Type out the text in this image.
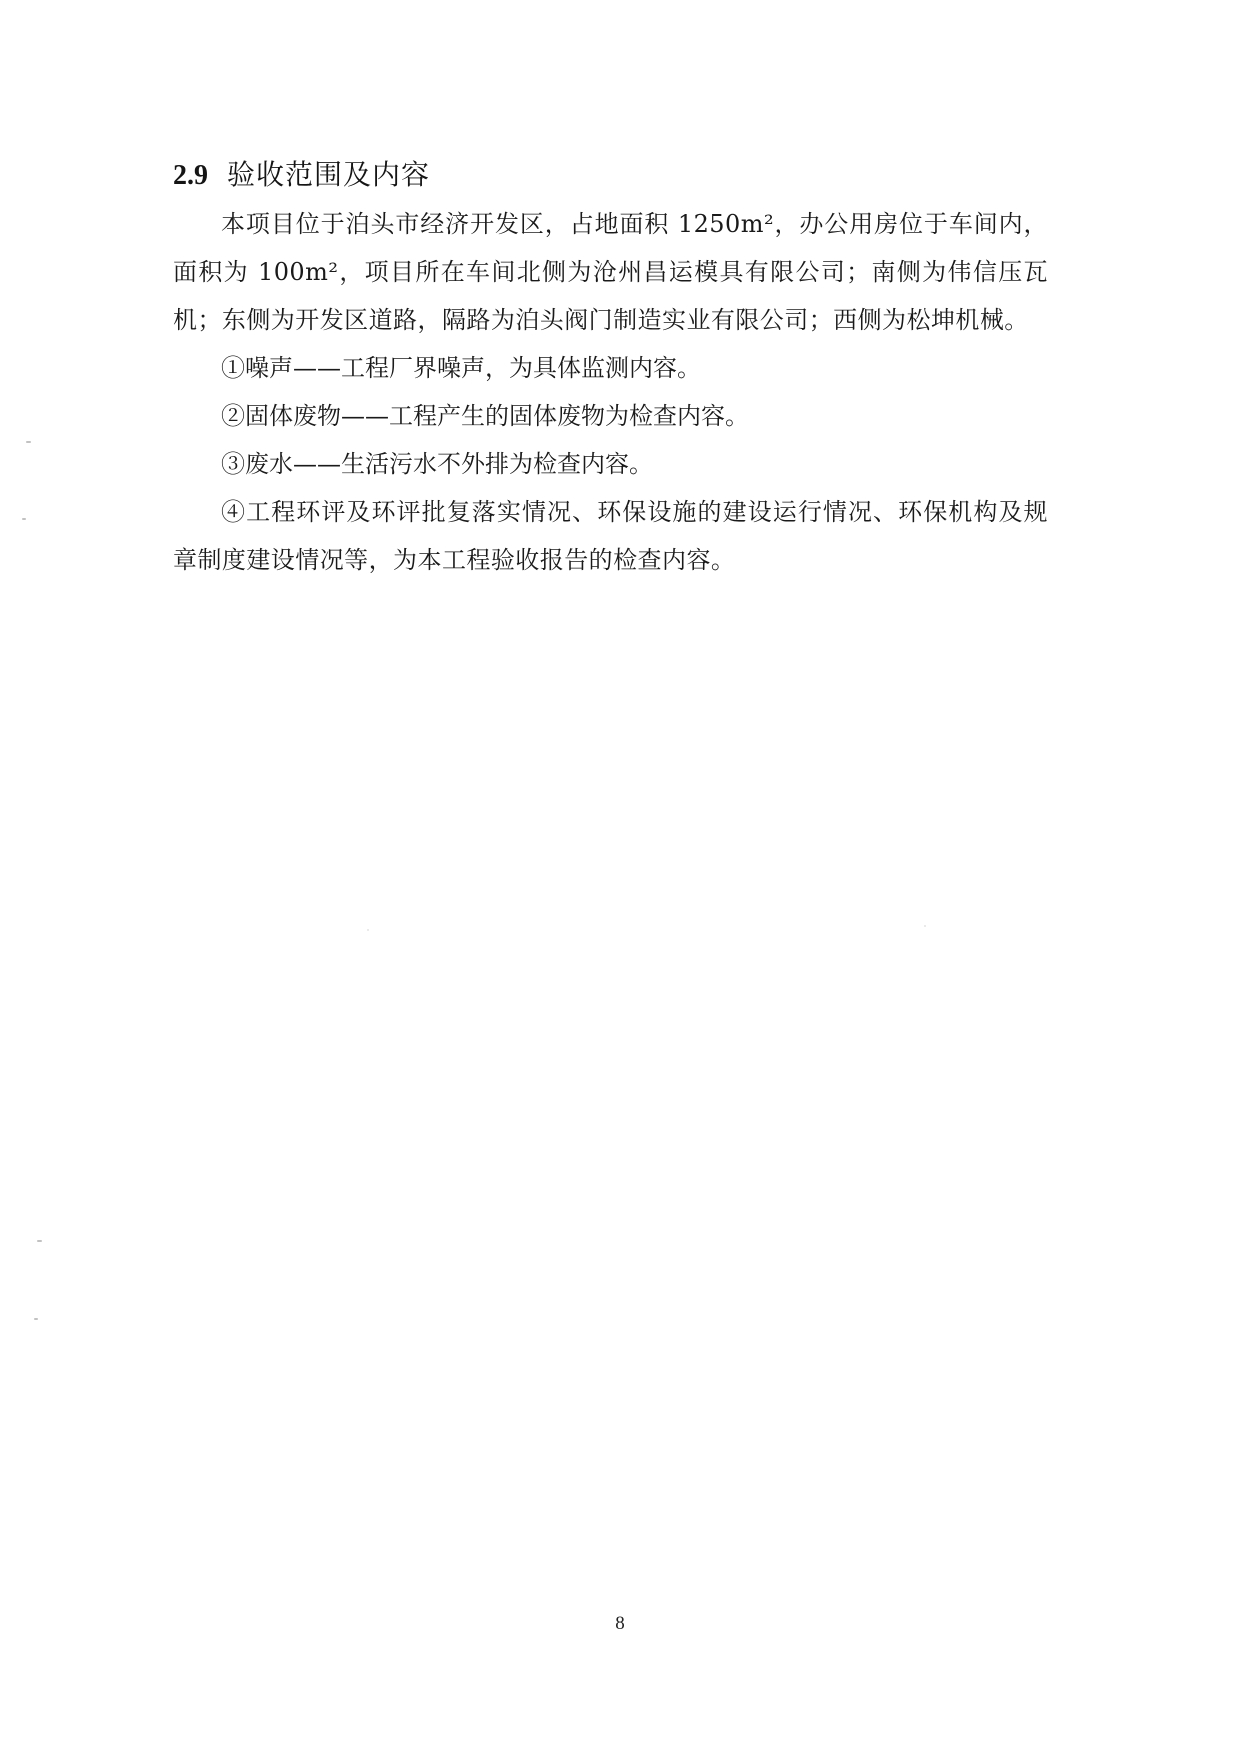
2.9 验收范围及内容

本项目位于泊头市经济开发区，占地面积 1250m²，办公用房位于车间内，面积为 100m²，项目所在车间北侧为沧州昌运模具有限公司；南侧为伟信压瓦机；东侧为开发区道路，隔路为泊头阀门制造实业有限公司；西侧为松坤机械。

①噪声——工程厂界噪声，为具体监测内容。

②固体废物——工程产生的固体废物为检查内容。

③废水——生活污水不外排为检查内容。

④工程环评及环评批复落实情况、环保设施的建设运行情况、环保机构及规章制度建设情况等，为本工程验收报告的检查内容。

8
